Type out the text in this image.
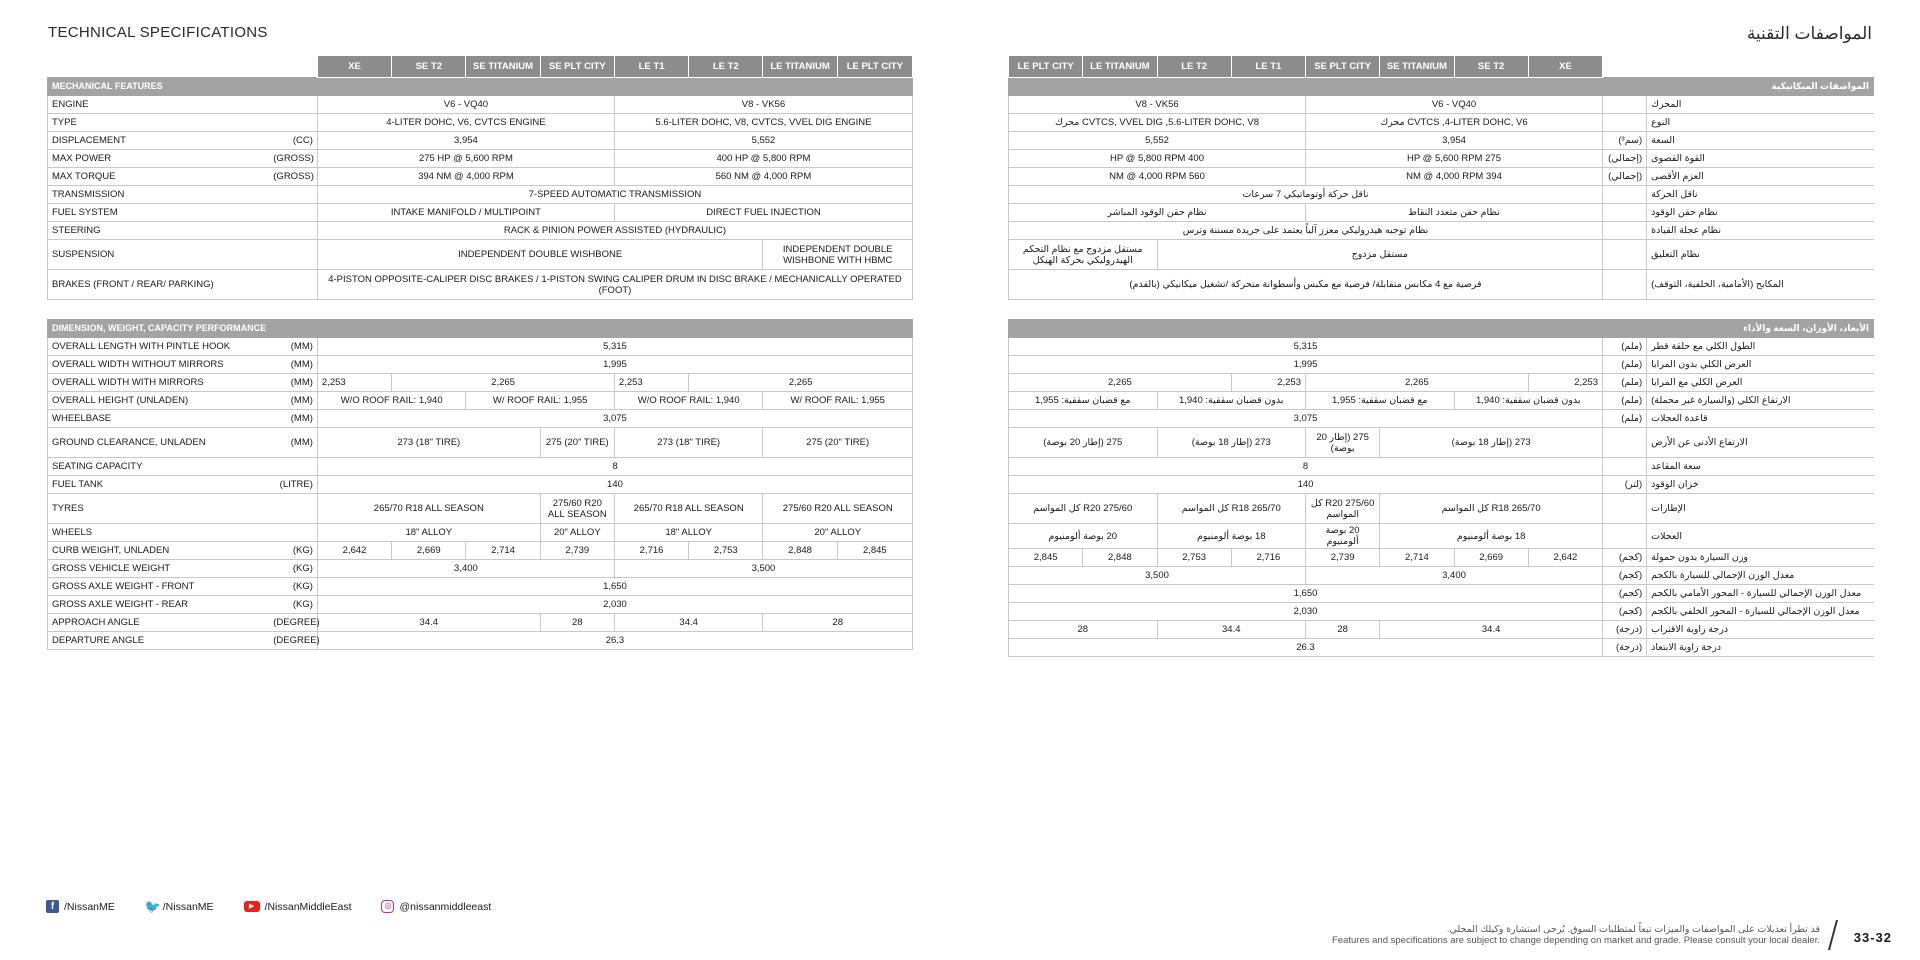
TECHNICAL SPECIFICATIONS	المواصفات التقنية
		XE	SE T2	SE TITANIUM	SE PLT CITY	LE T1	LE T2	LE TITANIUM	LE PLT CITY
MECHANICAL FEATURES									
ENGINE		V6 - VQ40				V8 - VK56			
TYPE		4-LITER DOHC, V6, CVTCS ENGINE				5.6-LITER DOHC, V8, CVTCS, VVEL DIG ENGINE			
DISPLACEMENT	(CC)	3,954				5,552			
MAX POWER	(GROSS)	275 HP @ 5,600 RPM				400 HP @ 5,800 RPM			
MAX TORQUE	(GROSS)	394 NM @ 4,000 RPM				560 NM @ 4,000 RPM			
TRANSMISSION		7-SPEED AUTOMATIC TRANSMISSION							
FUEL SYSTEM		INTAKE MANIFOLD / MULTIPOINT				DIRECT FUEL INJECTION			
STEERING		RACK & PINION POWER ASSISTED (HYDRAULIC)							
SUSPENSION		INDEPENDENT DOUBLE WISHBONE						INDEPENDENT DOUBLE WISHBONE WITH HBMC	
BRAKES (FRONT / REAR/ PARKING)		4-PISTON OPPOSITE-CALIPER DISC BRAKES / 1-PISTON SWING CALIPER DRUM IN DISC BRAKE / MECHANICALLY OPERATED (FOOT)							

DIMENSION, WEIGHT, CAPACITY PERFORMANCE									
OVERALL LENGTH WITH PINTLE HOOK	(MM)	5,315							
OVERALL WIDTH WITHOUT MIRRORS	(MM)	1,995							
OVERALL WIDTH WITH MIRRORS	(MM)	2,253	2,265			2,253	2,265		
OVERALL HEIGHT (UNLADEN)	(MM)	W/O ROOF RAIL: 1,940		W/ ROOF RAIL: 1,955		W/O ROOF RAIL: 1,940		W/ ROOF RAIL: 1,955	
WHEELBASE	(MM)	3,075							
GROUND CLEARANCE, UNLADEN	(MM)	273 (18" TIRE)			275 (20" TIRE)	273 (18" TIRE)		275 (20" TIRE)	
SEATING CAPACITY		8							
FUEL TANK	(LITRE)	140							
TYRES		265/70 R18 ALL SEASON			275/60 R20 ALL SEASON	265/70 R18 ALL SEASON		275/60 R20 ALL SEASON	
WHEELS		18" ALLOY			20" ALLOY	18" ALLOY		20" ALLOY	
CURB WEIGHT, UNLADEN	(KG)	2,642	2,669	2,714	2,739	2,716	2,753	2,848	2,845
GROSS VEHICLE WEIGHT	(KG)	3,400				3,500			
GROSS AXLE WEIGHT - FRONT	(KG)	1,650							
GROSS AXLE WEIGHT - REAR	(KG)	2,030							
APPROACH ANGLE	(DEGREE)	34.4			28	34.4		28	
DEPARTURE ANGLE	(DEGREE)	26.3							
LE PLT CITY	LE TITANIUM	LE T2	LE T1	SE PLT CITY	SE TITANIUM	SE T2	XE		
المواصفات الميكانيكية									
V8 - VK56				V6 - VQ40					المحرك
CVTCS, VVEL DIG ,5.6-LITER DOHC, V8 محرك				CVTCS ,4-LITER DOHC, V6 محرك					النوع
5,552				3,954				(سم³)	السعة
400 HP @ 5,800 RPM				275 HP @ 5,600 RPM				(إجمالي)	القوة القصوى
560 NM @ 4,000 RPM				394 NM @ 4,000 RPM				(إجمالي)	العزم الأقصى
ناقل حركة أوتوماتيكي 7 سرعات									ناقل الحركة
نظام حقن الوقود المباشر				نظام حقن متعدد النقاط					نظام حقن الوقود
نظام توجيه هيدروليكي معزز آلياً يعتمد على جريدة مسننة وترس									نظام عجلة القيادة
مستقل مزدوج مع نظام التحكم الهيدروليكي بحركة الهيكل		مستقل مزدوج							نظام التعليق
فرصية مع 4 مكابس متقابلة/ فرصية مع مكبس وأسطوانة متحركة /تشغيل ميكانيكي (بالقدم)									المكابح (الأمامية، الخلفية، التوقف)

الأبعاد، الأوزان، السعة والأداء									
5,315								(ملم)	الطول الكلي مع حلقة قطر
1,995								(ملم)	العرض الكلي بدون المرايا
2,265			2,253	2,265			2,253	(ملم)	العرض الكلي مع المرايا
مع قضبان سقفية: 1,955		بدون قضبان سقفية: 1,940		مع قضبان سقفية: 1,955		بدون قضبان سقفية: 1,940		(ملم)	الارتفاع الكلي (والسيارة غير محملة)
3,075								(ملم)	قاعدة العجلات
275 (إطار 20 بوصة)		273 (إطار 18 بوصة)		275 (إطار 20 بوصة)	273 (إطار 18 بوصة)				الارتفاع الأدنى عن الأرض
8									سعة المقاعد
140								(لتر)	خزان الوقود
275/60 R20 كل المواسم		265/70 R18 كل المواسم		275/60 R20 كل المواسم	265/70 R18 كل المواسم				الإطارات
20 بوصة ألومنيوم		18 بوصة ألومنيوم		20 بوصة ألومنيوم	18 بوصة ألومنيوم				العجلات
2,845	2,848	2,753	2,716	2,739	2,714	2,669	2,642	(كجم)	وزن السيارة بدون حمولة
3,500				3,400				(كجم)	معدل الوزن الإجمالي للسيارة بالكجم
1,650								(كجم)	معدل الوزن الإجمالي للسيارة - المحور الأمامي بالكجم
2,030								(كجم)	معدل الوزن الإجمالي للسيارة - المحور الخلفي بالكجم
28		34.4		28	34.4			(درجة)	درجة زاوية الاقتراب
26.3								(درجة)	درجة زاوية الابتعاد
f /NissanME 🐦 /NissanME	▶ /NissanMiddleEast	◎ @nissanmiddleeast
قد تطرأ تعديلات على المواصفات والميزات تبعاً لمتطلبات السوق. يُرجى استشارة وكيلك المحلي.
Features and specifications are subject to change depending on market and grade. Please consult your local dealer.	33-32
